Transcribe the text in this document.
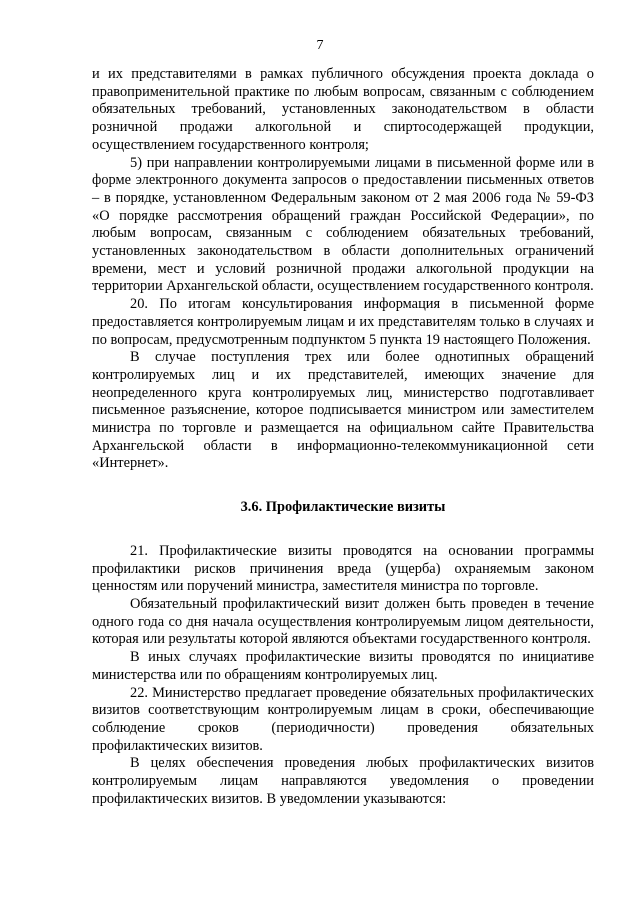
7

и их представителями в рамках публичного обсуждения проекта доклада о правоприменительной практике по любым вопросам, связанным с соблюдением обязательных требований, установленных законодательством в области розничной продажи алкогольной и спиртосодержащей продукции, осуществлением государственного контроля;

5) при направлении контролируемыми лицами в письменной форме или в форме электронного документа запросов о предоставлении письменных ответов – в порядке, установленном Федеральным законом от 2 мая 2006 года № 59-ФЗ «О порядке рассмотрения обращений граждан Российской Федерации», по любым вопросам, связанным с соблюдением обязательных требований, установленных законодательством в области дополнительных ограничений времени, мест и условий розничной продажи алкогольной продукции на территории Архангельской области, осуществлением государственного контроля.

20. По итогам консультирования информация в письменной форме предоставляется контролируемым лицам и их представителям только в случаях и по вопросам, предусмотренным подпунктом 5 пункта 19 настоящего Положения.

В случае поступления трех или более однотипных обращений контролируемых лиц и их представителей, имеющих значение для неопределенного круга контролируемых лиц, министерство подготавливает письменное разъяснение, которое подписывается министром или заместителем министра по торговле и размещается на официальном сайте Правительства Архангельской области в информационно-телекоммуникационной сети «Интернет».

3.6. Профилактические визиты

21. Профилактические визиты проводятся на основании программы профилактики рисков причинения вреда (ущерба) охраняемым законом ценностям или поручений министра, заместителя министра по торговле.

Обязательный профилактический визит должен быть проведен в течение одного года со дня начала осуществления контролируемым лицом деятельности, которая или результаты которой являются объектами государственного контроля.

В иных случаях профилактические визиты проводятся по инициативе министерства или по обращениям контролируемых лиц.

22. Министерство предлагает проведение обязательных профилактических визитов соответствующим контролируемым лицам в сроки, обеспечивающие соблюдение сроков (периодичности) проведения обязательных профилактических визитов.

В целях обеспечения проведения любых профилактических визитов контролируемым лицам направляются уведомления о проведении профилактических визитов. В уведомлении указываются:
